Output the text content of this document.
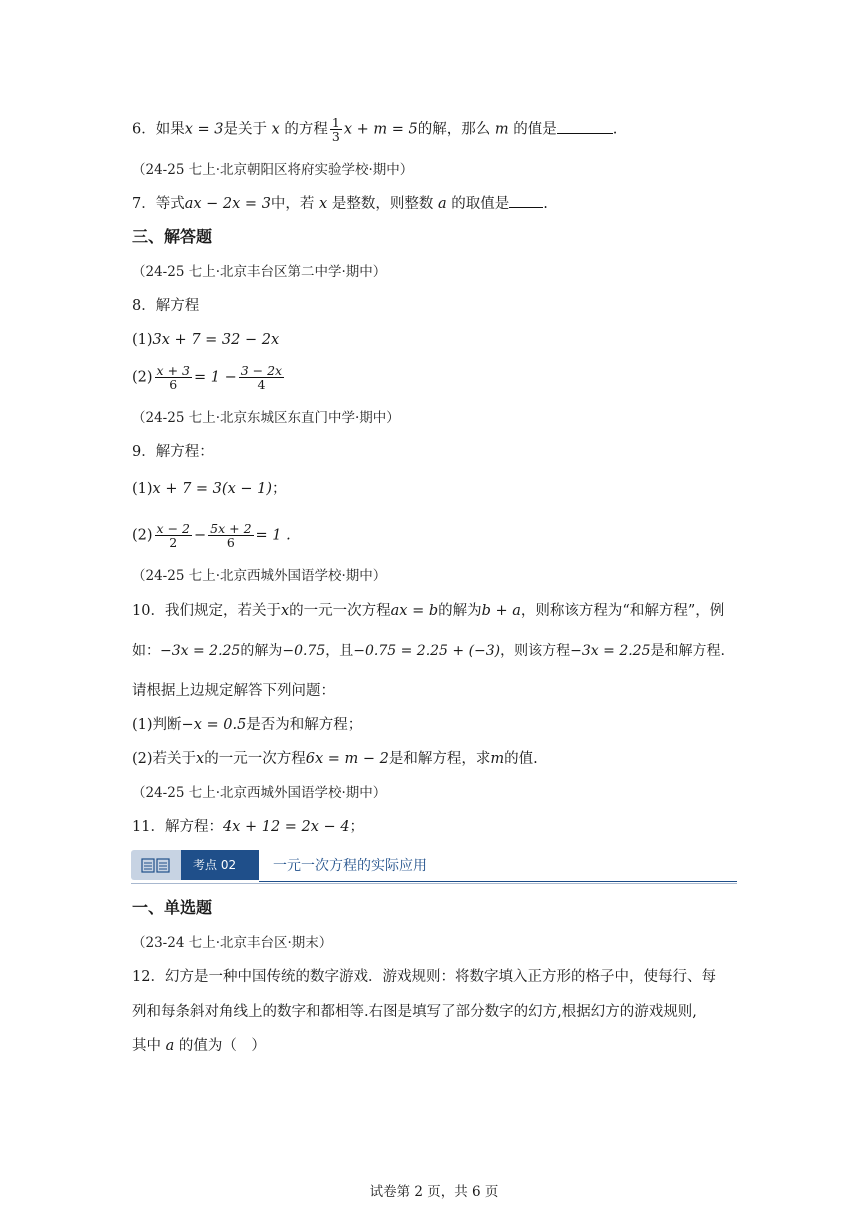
6．如果x = 3是关于 x 的方程 $\frac{1}{3}$ x + m = 5的解，那么 m 的值是	.
（24-25 七上·北京朝阳区将府实验学校·期中）
7．等式ax − 2x = 3中，若 x 是整数，则整数 a 的取值是 .
三、解答题
（24-25 七上·北京丰台区第二中学·期中）
8．解方程
(1)3x + 7 = 32 − 2x
$(2) \frac{x + 3}{6} = 1 - \frac{3 - 2x}{4}$
（24-25 七上·北京东城区东直门中学·期中）
9．解方程：
(1)x + 7 = 3(x − 1)；
$(2) \frac{x - 2}{2} - \frac{5x + 2}{6} = 1$ .
（24-25 七上·北京西城外国语学校·期中）
10．我们规定，若关于x的一元一次方程ax = b的解为b + a，则称该方程为“和解方程”，例
如：−3x = 2.25的解为−0.75，且−0.75 = 2.25 + (−3)，则该方程−3x = 2.25是和解方程.
请根据上边规定解答下列问题：
(1)判断−x = 0.5是否为和解方程；
(2)若关于x的一元一次方程6x = m − 2是和解方程，求m的值.
（24-25 七上·北京西城外国语学校·期中）
11．解方程：4x + 12 = 2x − 4；
考点 02	一元一次方程的实际应用
一、单选题
（23-24 七上·北京丰台区·期末）
12．幻方是一种中国传统的数字游戏．游戏规则：将数字填入正方形的格子中，使每行、每
列和每条斜对角线上的数字和都相等.右图是填写了部分数字的幻方,根据幻方的游戏规则,
其中 a 的值为（　）
试卷第 2 页，共 6 页
